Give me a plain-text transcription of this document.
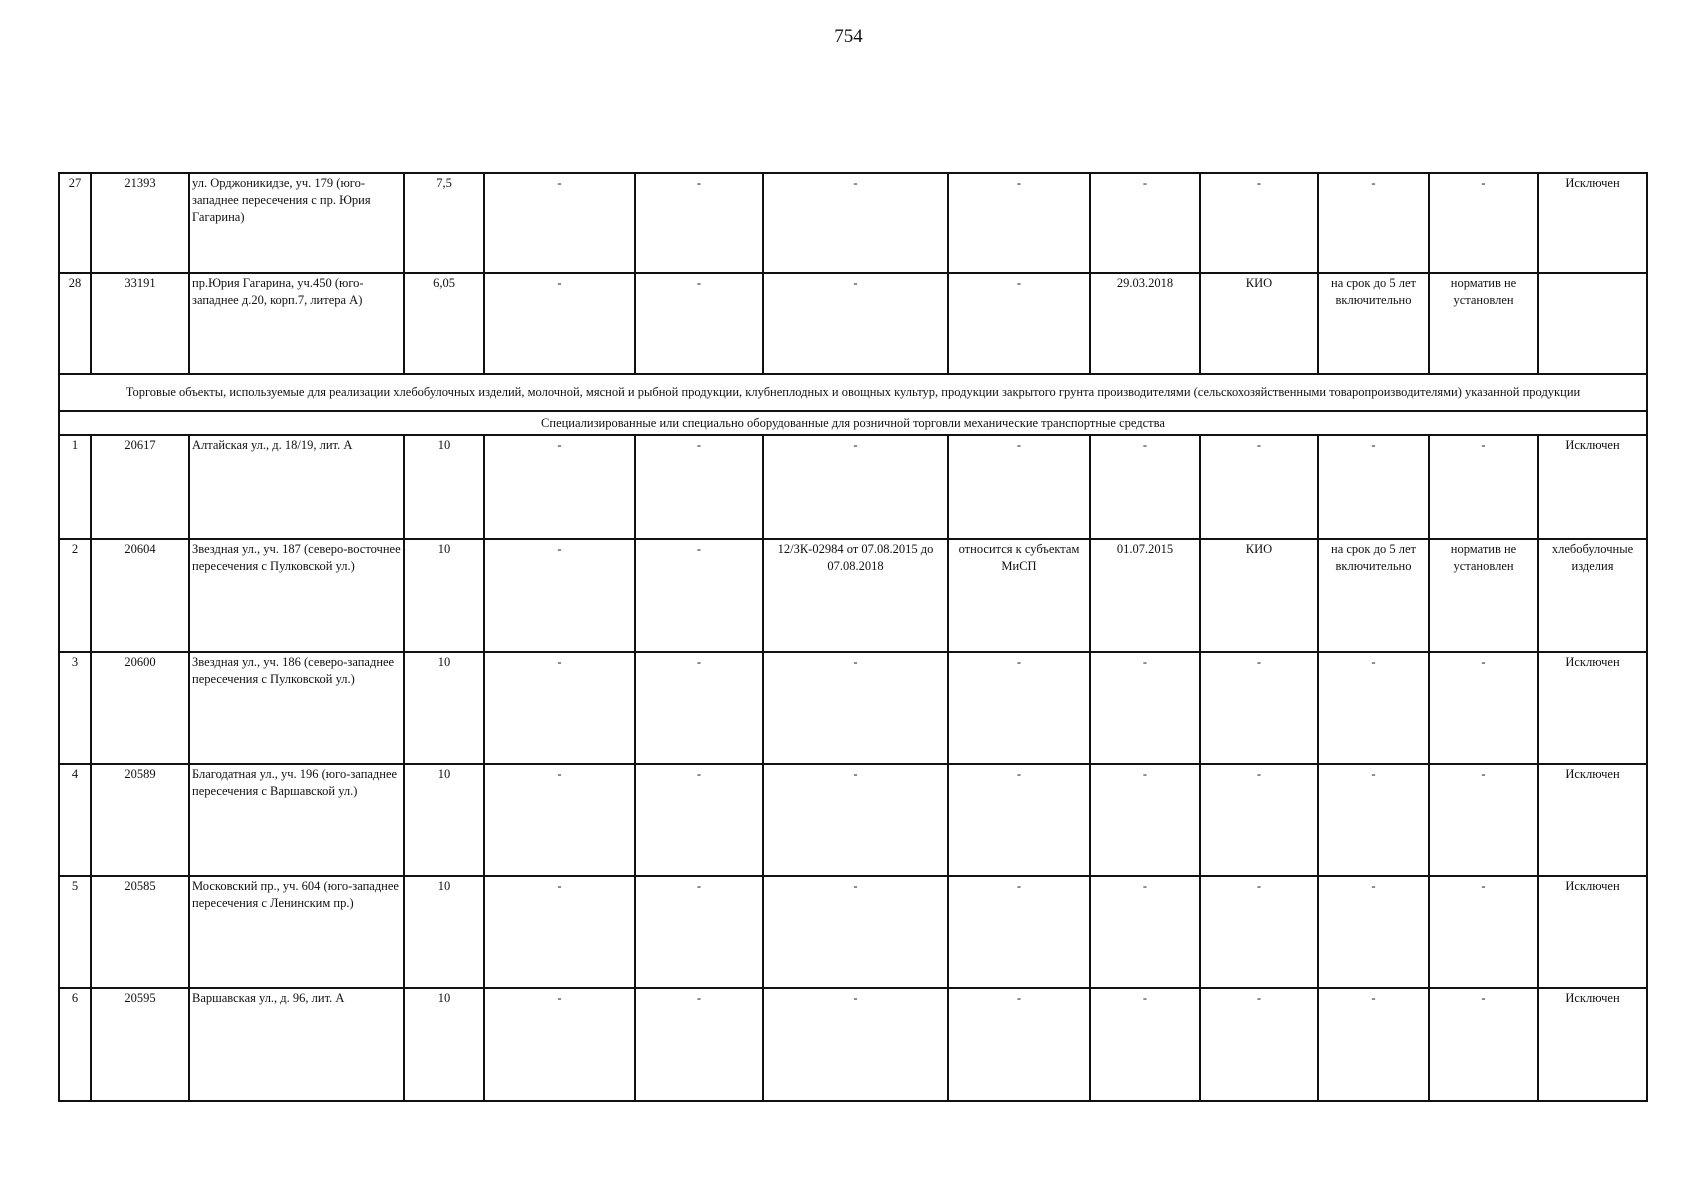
754
27	21393	ул. Орджоникидзе, уч. 179 (юго-западнее пересечения с пр. Юрия Гагарина)	7,5	-	-	-	-	-	-	-	-	Исключен
28	33191	пр.Юрия Гагарина, уч.450 (юго-западнее д.20, корп.7, литера А)	6,05	-	-	-	-	29.03.2018	КИО	на срок до 5 лет включительно	норматив не установлен	
Торговые объекты, используемые для реализации хлебобулочных изделий, молочной, мясной и рыбной продукции, клубнеплодных и овощных культур, продукции закрытого грунта производителями (сельскохозяйственными товаропроизводителями) указанной продукции												
Специализированные или специально оборудованные для розничной торговли механические транспортные средства												
1	20617	Алтайская ул., д. 18/19, лит. А	10	-	-	-	-	-	-	-	-	Исключен
2	20604	Звездная ул., уч. 187 (северо-восточнее пересечения с Пулковской ул.)	10	-	-	12/ЗК-02984 от 07.08.2015 до 07.08.2018	относится к субъектам МиСП	01.07.2015	КИО	на срок до 5 лет включительно	норматив не установлен	хлебобулочные изделия
3	20600	Звездная ул., уч. 186 (северо-западнее пересечения с Пулковской ул.)	10	-	-	-	-	-	-	-	-	Исключен
4	20589	Благодатная ул., уч. 196 (юго-западнее пересечения с Варшавской ул.)	10	-	-	-	-	-	-	-	-	Исключен
5	20585	Московский пр., уч. 604 (юго-западнее пересечения с Ленинским пр.)	10	-	-	-	-	-	-	-	-	Исключен
6	20595	Варшавская ул., д. 96, лит. А	10	-	-	-	-	-	-	-	-	Исключен
